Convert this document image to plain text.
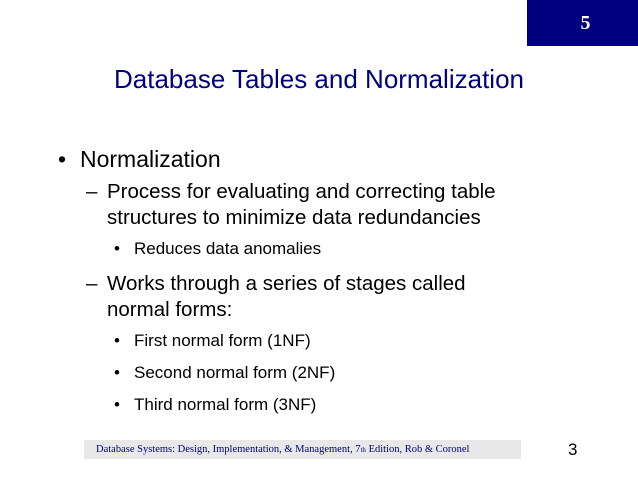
5
Database Tables and Normalization
• Normalization
– Process for evaluating and correcting table
structures to minimize data redundancies
• Reduces data anomalies
– Works through a series of stages called
normal forms:
• First normal form (1NF)
• Second normal form (2NF)
• Third normal form (3NF)
Database Systems: Design, Implementation, & Management, 7 th Edition, Rob & Coronel	3
